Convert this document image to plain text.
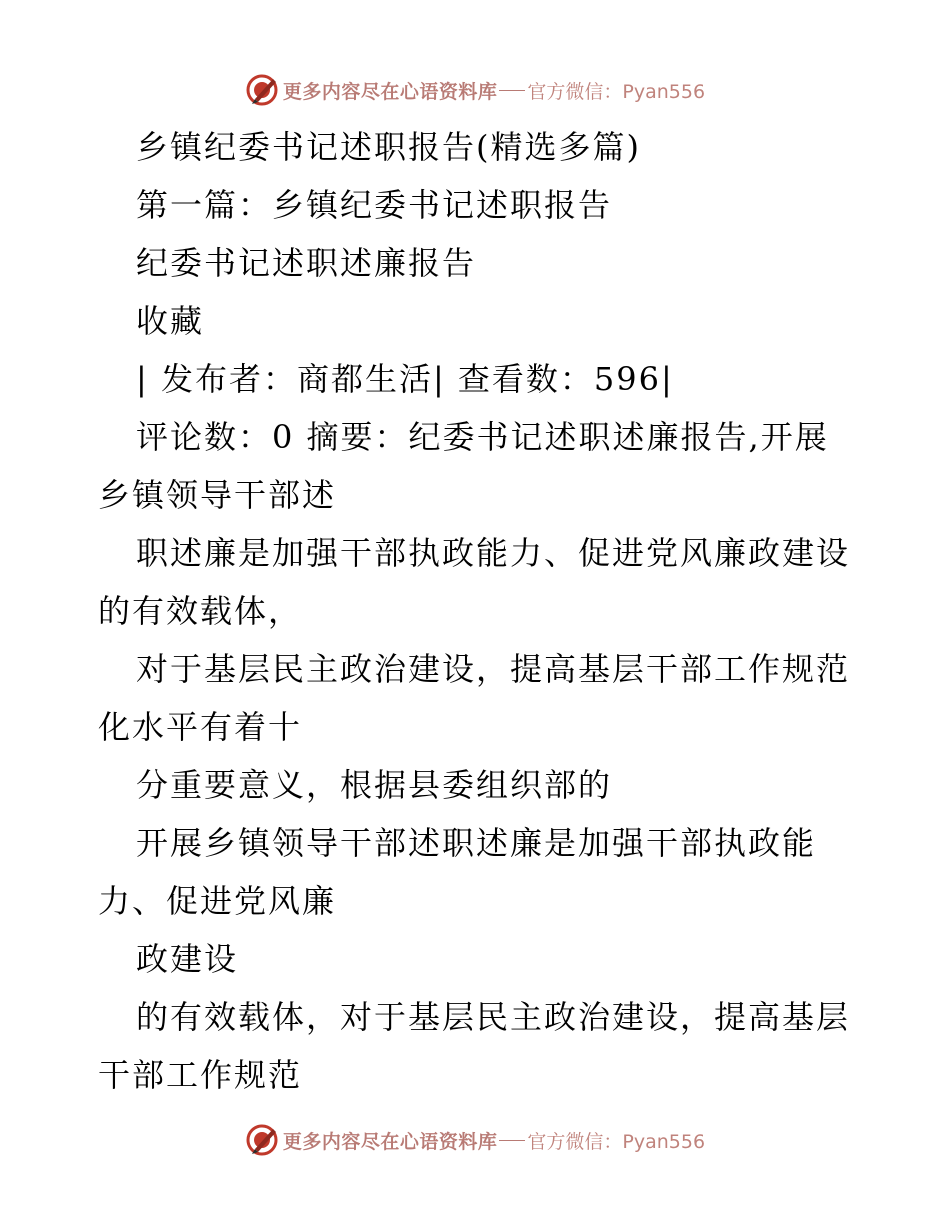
更多内容尽在心语资料库 官方微信：Pyan556
乡镇纪委书记述职报告(精选多篇)
第一篇：乡镇纪委书记述职报告
纪委书记述职述廉报告
收藏
| 发布者：商都生活| 查看数：596|
评论数：0 摘要：纪委书记述职述廉报告,开展
乡镇领导干部述
职述廉是加强干部执政能力、促进党风廉政建设
的有效载体，
对于基层民主政治建设，提高基层干部工作规范
化水平有着十
分重要意义，根据县委组织部的
开展乡镇领导干部述职述廉是加强干部执政能
力、促进党风廉
政建设
的有效载体，对于基层民主政治建设，提高基层
干部工作规范
更多内容尽在心语资料库 官方微信：Pyan556
